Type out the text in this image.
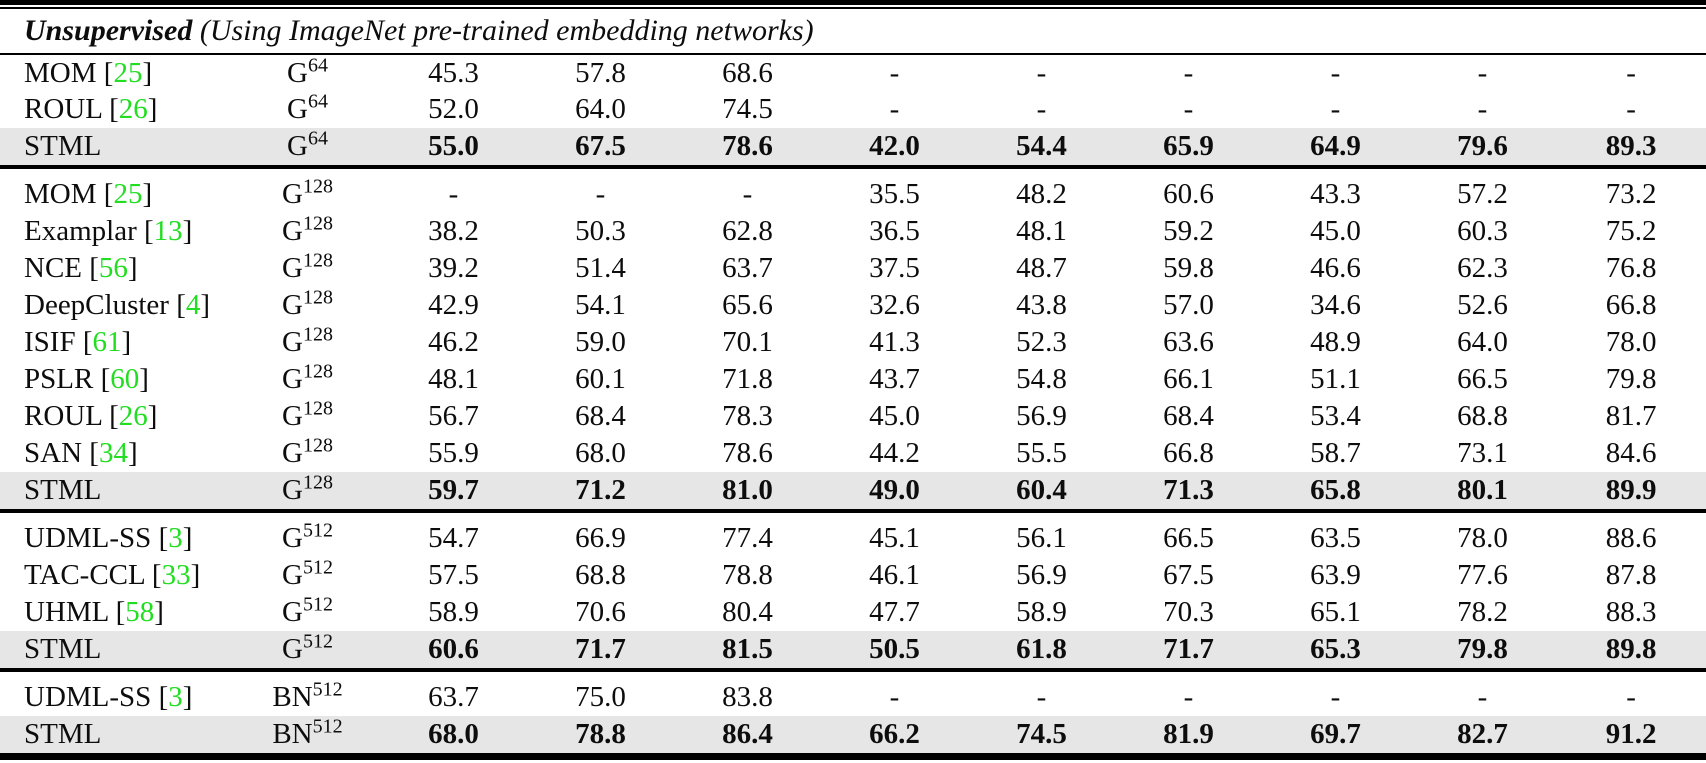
Unsupervised (Using ImageNet pre-trained embedding networks)										
MOM [25]	$G^{64}$	45.3	57.8	68.6	-	-	-	-	-	-
ROUL [26]	$G^{64}$	52.0	64.0	74.5	-	-	-	-	-	-
STML	$G^{64}$	55.0	67.5	78.6	42.0	54.4	65.9	64.9	79.6	89.3

MOM [25]	$G^{128}$	-	-	-	35.5	48.2	60.6	43.3	57.2	73.2
Examplar [13]	$G^{128}$	38.2	50.3	62.8	36.5	48.1	59.2	45.0	60.3	75.2
NCE [56]	$G^{128}$	39.2	51.4	63.7	37.5	48.7	59.8	46.6	62.3	76.8
DeepCluster [4]	$G^{128}$	42.9	54.1	65.6	32.6	43.8	57.0	34.6	52.6	66.8
ISIF [61]	$G^{128}$	46.2	59.0	70.1	41.3	52.3	63.6	48.9	64.0	78.0
PSLR [60]	$G^{128}$	48.1	60.1	71.8	43.7	54.8	66.1	51.1	66.5	79.8
ROUL [26]	$G^{128}$	56.7	68.4	78.3	45.0	56.9	68.4	53.4	68.8	81.7
SAN [34]	$G^{128}$	55.9	68.0	78.6	44.2	55.5	66.8	58.7	73.1	84.6
STML	$G^{128}$	59.7	71.2	81.0	49.0	60.4	71.3	65.8	80.1	89.9

UDML-SS [3]	$G^{512}$	54.7	66.9	77.4	45.1	56.1	66.5	63.5	78.0	88.6
TAC-CCL [33]	$G^{512}$	57.5	68.8	78.8	46.1	56.9	67.5	63.9	77.6	87.8
UHML [58]	$G^{512}$	58.9	70.6	80.4	47.7	58.9	70.3	65.1	78.2	88.3
STML	$G^{512}$	60.6	71.7	81.5	50.5	61.8	71.7	65.3	79.8	89.8

UDML-SS [3]	BN$^{512}$	63.7	75.0	83.8	-	-	-	-	-	-
STML	BN$^{512}$	68.0	78.8	86.4	66.2	74.5	81.9	69.7	82.7	91.2
